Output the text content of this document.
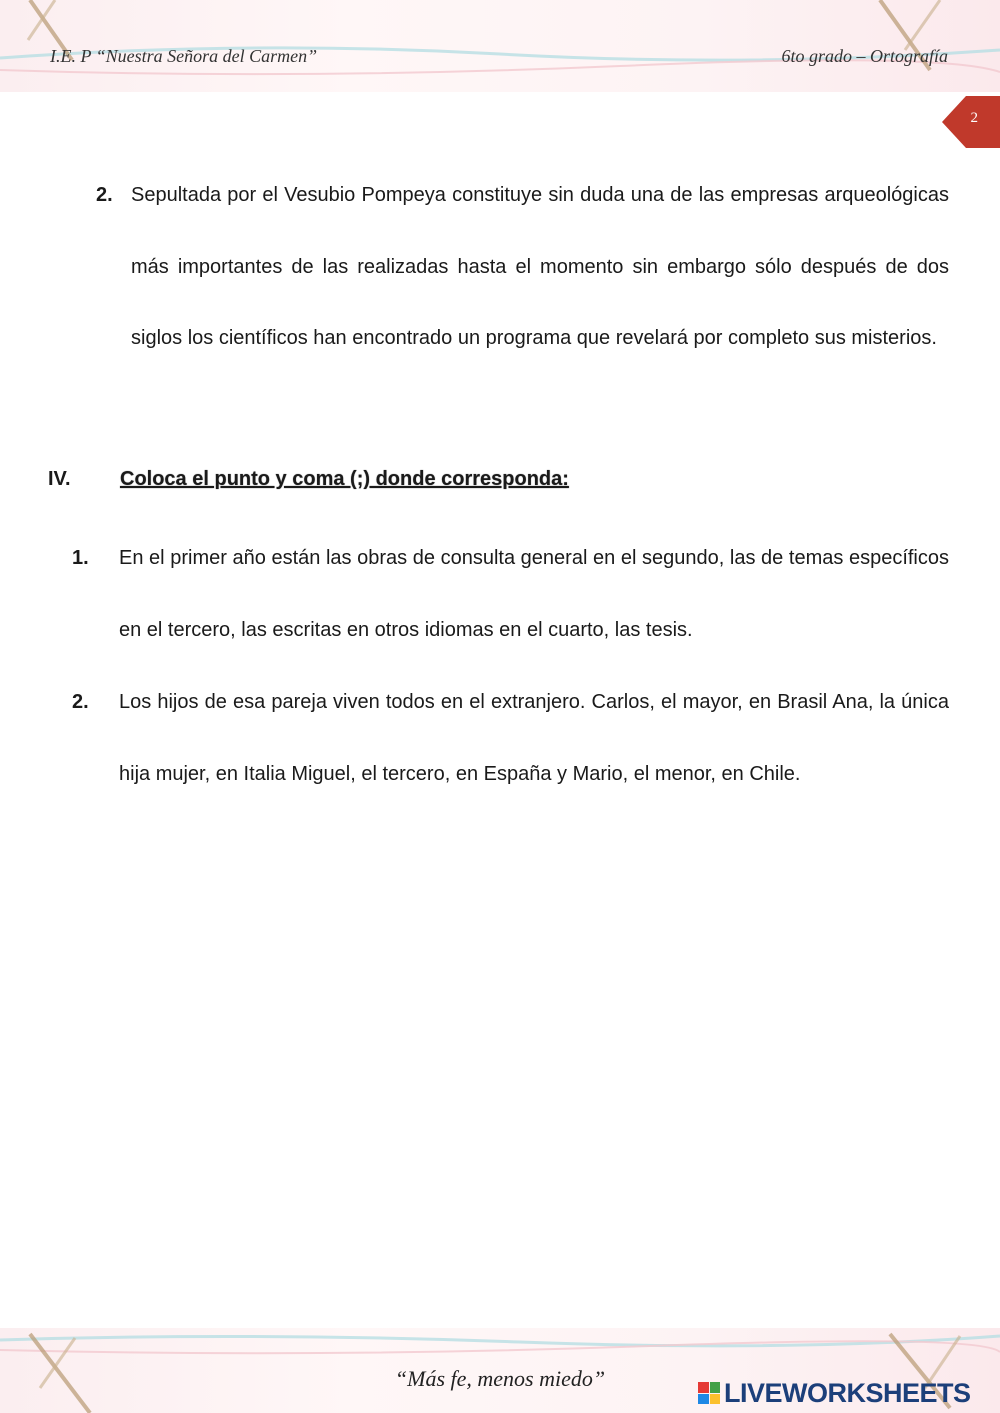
I.E. P “Nuestra Señora del Carmen”	6to grado – Ortografía
2
2. Sepultada por el Vesubio Pompeya constituye sin duda una de las empresas arqueológicas más importantes de las realizadas hasta el momento sin embargo sólo después de dos siglos los científicos han encontrado un programa que revelará por completo sus misterios.
IV. Coloca el punto y coma (;) donde corresponda:
1. En el primer año están las obras de consulta general en el segundo, las de temas específicos en el tercero, las escritas en otros idiomas en el cuarto, las tesis.
2. Los hijos de esa pareja viven todos en el extranjero. Carlos, el mayor, en Brasil Ana, la única hija mujer, en Italia Miguel, el tercero, en España y Mario, el menor, en Chile.
“Más fe, menos miedo”	LIVEWORKSHEETS
